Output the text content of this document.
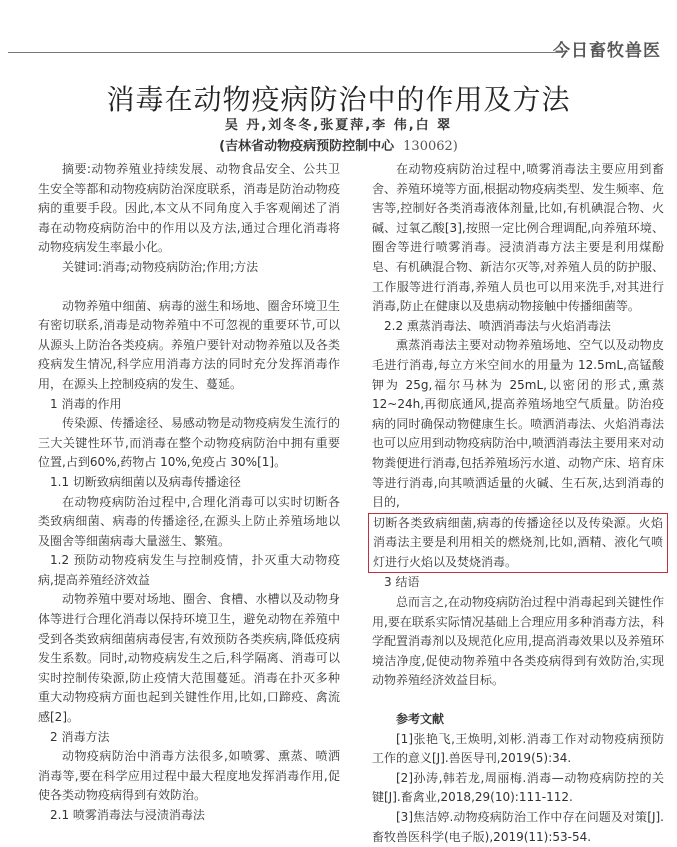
今日畜牧兽医
消毒在动物疫病防治中的作用及方法
吴 丹,刘冬冬,张夏萍,李 伟,白 翠
(吉林省动物疫病预防控制中心 130062)

摘要:动物养殖业持续发展、动物食品安全、公共卫生安全等都和动物疫病防治深度联系，消毒是防治动物疫病的重要手段。因此,本文从不同角度入手客观阐述了消毒在动物疫病防治中的作用以及方法,通过合理化消毒将动物疫病发生率最小化。

关键词:消毒;动物疫病防治;作用;方法

动物养殖中细菌、病毒的滋生和场地、圈舍环境卫生有密切联系,消毒是动物养殖中不可忽视的重要环节,可以从源头上防治各类疫病。养殖户要针对动物养殖以及各类疫病发生情况,科学应用消毒方法的同时充分发挥消毒作用，在源头上控制疫病的发生、蔓延。

1 消毒的作用

传染源、传播途径、易感动物是动物疫病发生流行的三大关键性环节,而消毒在整个动物疫病防治中拥有重要位置,占到60%,药物占 10%,免疫占 30%[1]。

1.1 切断致病细菌以及病毒传播途径

在动物疫病防治过程中,合理化消毒可以实时切断各类致病细菌、病毒的传播途径,在源头上防止养殖场地以及圈舍等细菌病毒大量滋生、繁殖。

1.2 预防动物疫病发生与控制疫情，扑灭重大动物疫病,提高养殖经济效益

动物养殖中要对场地、圈舍、食槽、水槽以及动物身体等进行合理化消毒以保持环境卫生，避免动物在养殖中受到各类致病细菌病毒侵害,有效预防各类疾病,降低疫病发生系数。同时,动物疫病发生之后,科学隔离、消毒可以实时控制传染源,防止疫情大范围蔓延。消毒在扑灭多种重大动物疫病方面也起到关键性作用,比如,口蹄疫、禽流感[2]。

2 消毒方法

动物疫病防治中消毒方法很多,如喷雾、熏蒸、喷洒消毒等,要在科学应用过程中最大程度地发挥消毒作用,促使各类动物疫病得到有效防治。

2.1 喷雾消毒法与浸渍消毒法

在动物疫病防治过程中,喷雾消毒法主要应用到畜舍、养殖环境等方面,根据动物疫病类型、发生频率、危害等,控制好各类消毒液体剂量,比如,有机碘混合物、火碱、过氧乙酸[3],按照一定比例合理调配,向养殖环境、圈舍等进行喷雾消毒。浸渍消毒方法主要是利用煤酚皂、有机碘混合物、新洁尔灭等,对养殖人员的防护服、工作服等进行消毒,养殖人员也可以用来洗手,对其进行消毒,防止在健康以及患病动物接触中传播细菌等。

2.2 熏蒸消毒法、喷洒消毒法与火焰消毒法

熏蒸消毒法主要对动物养殖场地、空气以及动物皮毛进行消毒,每立方米空间水的用量为 12.5mL,高锰酸钾为 25g,福尔马林为 25mL,以密闭的形式,熏蒸 12~24h,再彻底通风,提高养殖场地空气质量。防治疫病的同时确保动物健康生长。喷洒消毒法、火焰消毒法也可以应用到动物疫病防治中,喷洒消毒法主要用来对动物粪便进行消毒,包括养殖场污水道、动物产床、培育床等进行消毒,向其喷洒适量的火碱、生石灰,达到消毒的目的,

切断各类致病细菌,病毒的传播途径以及传染源。火焰消毒法主要是利用相关的燃烧剂,比如,酒精、液化气喷灯进行火焰以及焚烧消毒。

3 结语

总而言之,在动物疫病防治过程中消毒起到关键性作用,要在联系实际情况基础上合理应用多种消毒方法，科学配置消毒剂以及规范化应用,提高消毒效果以及养殖环境洁净度,促使动物养殖中各类疫病得到有效防治,实现动物养殖经济效益目标。

参考文献

[1]张艳飞,王焕明,刘彬.消毒工作对动物疫病预防工作的意义[J].兽医导刊,2019(5):34.

[2]孙涛,韩若龙,周丽梅.消毒—动物疫病防控的关键[J].畜禽业,2018,29(10):111-112.

[3]焦洁婷.动物疫病防治工作中存在问题及对策[J].畜牧兽医科学(电子版),2019(11):53-54.
